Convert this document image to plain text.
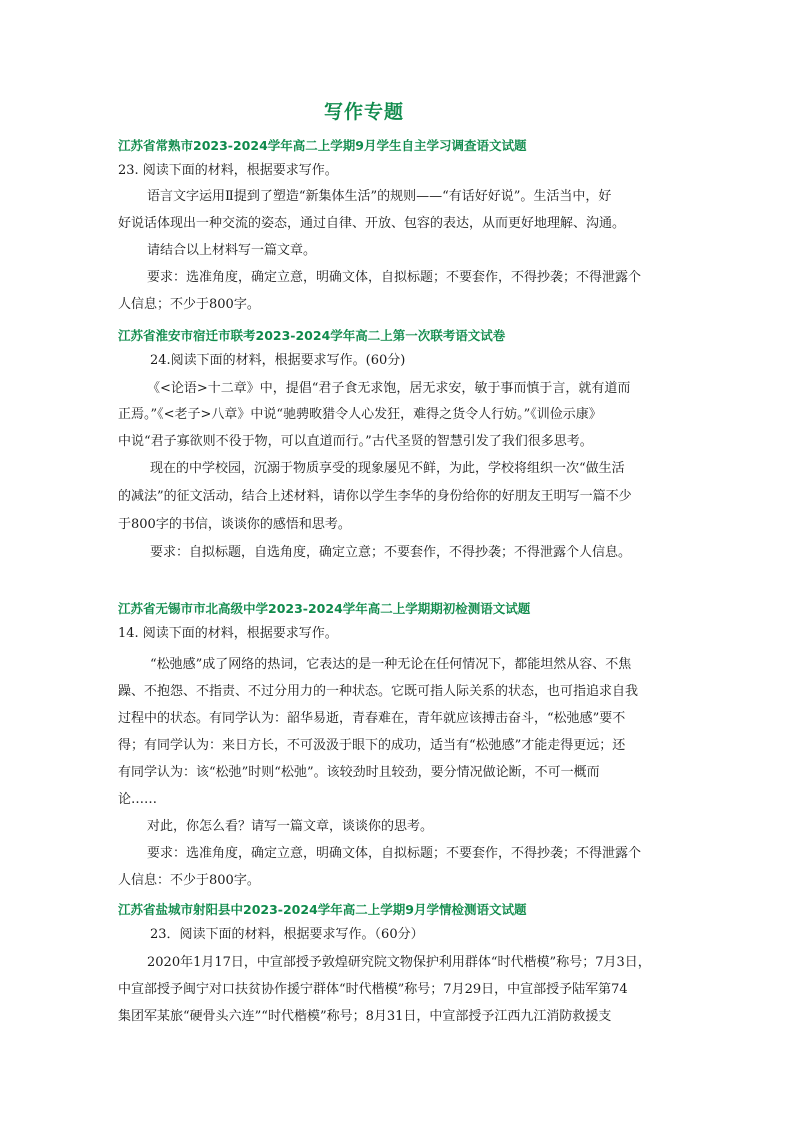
写作专题
江苏省常熟市2023-2024学年高二上学期9月学生自主学习调查语文试题
23. 阅读下面的材料，根据要求写作。
语言文字运用Ⅱ提到了塑造“新集体生活”的规则——“有话好好说”。生活当中，好
好说话体现出一种交流的姿态，通过自律、开放、包容的表达，从而更好地理解、沟通。
请结合以上材料写一篇文章。
要求：选准角度，确定立意，明确文体，自拟标题；不要套作，不得抄袭；不得泄露个
人信息；不少于800字。
江苏省淮安市宿迁市联考2023-2024学年高二上第一次联考语文试卷
24.阅读下面的材料，根据要求写作。(60分)
《<论语>十二章》中，提倡“君子食无求饱，居无求安，敏于事而慎于言，就有道而
正焉。”《<老子>八章》中说“驰骋畋猎令人心发狂，难得之货令人行妨。”《训俭示康》
中说“君子寡欲则不役于物，可以直道而行。”古代圣贤的智慧引发了我们很多思考。
现在的中学校园，沉溺于物质享受的现象屡见不鲜，为此，学校将组织一次“做生活
的减法”的征文活动，结合上述材料，请你以学生李华的身份给你的好朋友王明写一篇不少
于800字的书信，谈谈你的感悟和思考。
要求：自拟标题，自选角度，确定立意；不要套作，不得抄袭；不得泄露个人信息。
江苏省无锡市市北高级中学2023-2024学年高二上学期期初检测语文试题
14. 阅读下面的材料，根据要求写作。
“松弛感”成了网络的热词，它表达的是一种无论在任何情况下，都能坦然从容、不焦
躁、不抱怨、不指责、不过分用力的一种状态。它既可指人际关系的状态，也可指追求自我
过程中的状态。有同学认为：韶华易逝，青春难在，青年就应该搏击奋斗，“松弛感”要不
得；有同学认为：来日方长，不可汲汲于眼下的成功，适当有“松弛感”才能走得更远；还
有同学认为：该“松弛”时则“松弛”。该较劲时且较劲，要分情况做论断，不可一概而
论……
对此，你怎么看？请写一篇文章，谈谈你的思考。
要求：选准角度，确定立意，明确文体，自拟标题；不要套作，不得抄袭；不得泄露个
人信息：不少于800字。
江苏省盐城市射阳县中2023-2024学年高二上学期9月学情检测语文试题
23．阅读下面的材料，根据要求写作。（60分）
2020年1月17日，中宣部授予敦煌研究院文物保护利用群体“时代楷模”称号；7月3日，
中宣部授予闽宁对口扶贫协作援宁群体“时代楷模”称号；7月29日，中宣部授予陆军第74
集团军某旅“硬骨头六连”“时代楷模”称号；8月31日，中宣部授予江西九江消防救援支
